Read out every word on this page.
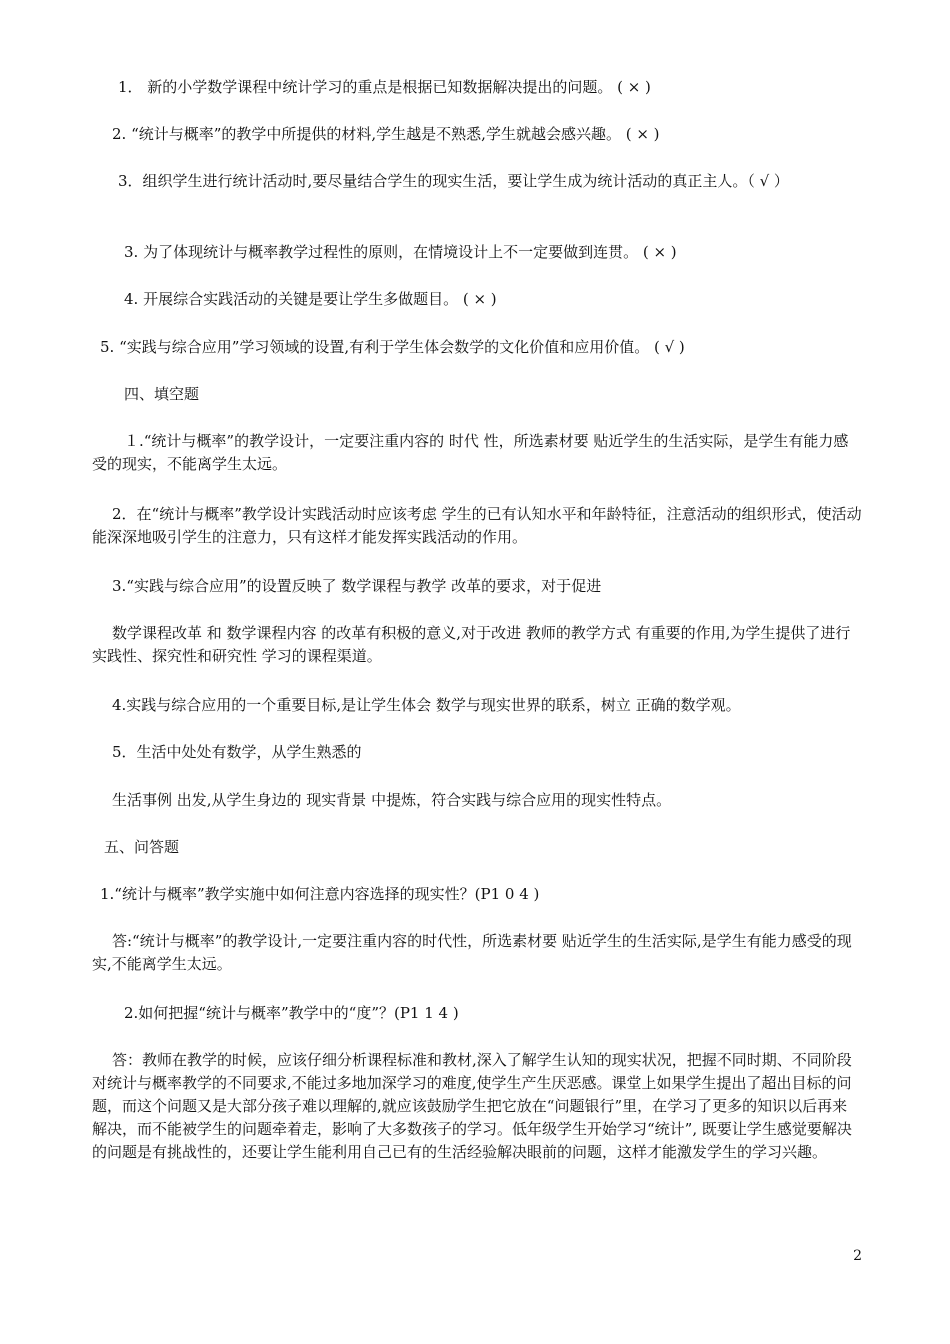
1． 新的小学数学课程中统计学习的重点是根据已知数据解决提出的问题。 ( × )
2. “统计与概率”的教学中所提供的材料,学生越是不熟悉,学生就越会感兴趣。 ( × )
3．组织学生进行统计活动时,要尽量结合学生的现实生活，要让学生成为统计活动的真正主人。（ √ ）
3. 为了体现统计与概率教学过程性的原则，在情境设计上不一定要做到连贯。 ( × )
4. 开展综合实践活动的关键是要让学生多做题目。 ( × )
5. “实践与综合应用”学习领域的设置,有利于学生体会数学的文化价值和应用价值。 ( √ )
四、填空题
１.“统计与概率”的教学设计，一定要注重内容的 时代 性，所选素材要 贴近学生的生活实际，是学生有能力感受的现实，不能离学生太远。
2．在“统计与概率”教学设计实践活动时应该考虑 学生的已有认知水平和年龄特征，注意活动的组织形式，使活动能深深地吸引学生的注意力，只有这样才能发挥实践活动的作用。
3.“实践与综合应用”的设置反映了 数学课程与教学 改革的要求，对于促进
数学课程改革 和 数学课程内容 的改革有积极的意义,对于改进 教师的教学方式 有重要的作用,为学生提供了进行 实践性、探究性和研究性 学习的课程渠道。
4.实践与综合应用的一个重要目标,是让学生体会 数学与现实世界的联系，树立 正确的数学观。
5．生活中处处有数学，从学生熟悉的
生活事例 出发,从学生身边的 现实背景 中提炼，符合实践与综合应用的现实性特点。
五、问答题
1.“统计与概率”教学实施中如何注意内容选择的现实性？(P1 0 4 )
答:“统计与概率”的教学设计,一定要注重内容的时代性，所选素材要 贴近学生的生活实际,是学生有能力感受的现实,不能离学生太远。
2.如何把握“统计与概率”教学中的“度”？(P1 1 4 )
答：教师在教学的时候，应该仔细分析课程标准和教材,深入了解学生认知的现实状况，把握不同时期、不同阶段对统计与概率教学的不同要求,不能过多地加深学习的难度,使学生产生厌恶感。课堂上如果学生提出了超出目标的问题，而这个问题又是大部分孩子难以理解的,就应该鼓励学生把它放在“问题银行”里，在学习了更多的知识以后再来解决，而不能被学生的问题牵着走，影响了大多数孩子的学习。低年级学生开始学习“统计”, 既要让学生感觉要解决的问题是有挑战性的，还要让学生能利用自己已有的生活经验解决眼前的问题，这样才能激发学生的学习兴趣。
2
